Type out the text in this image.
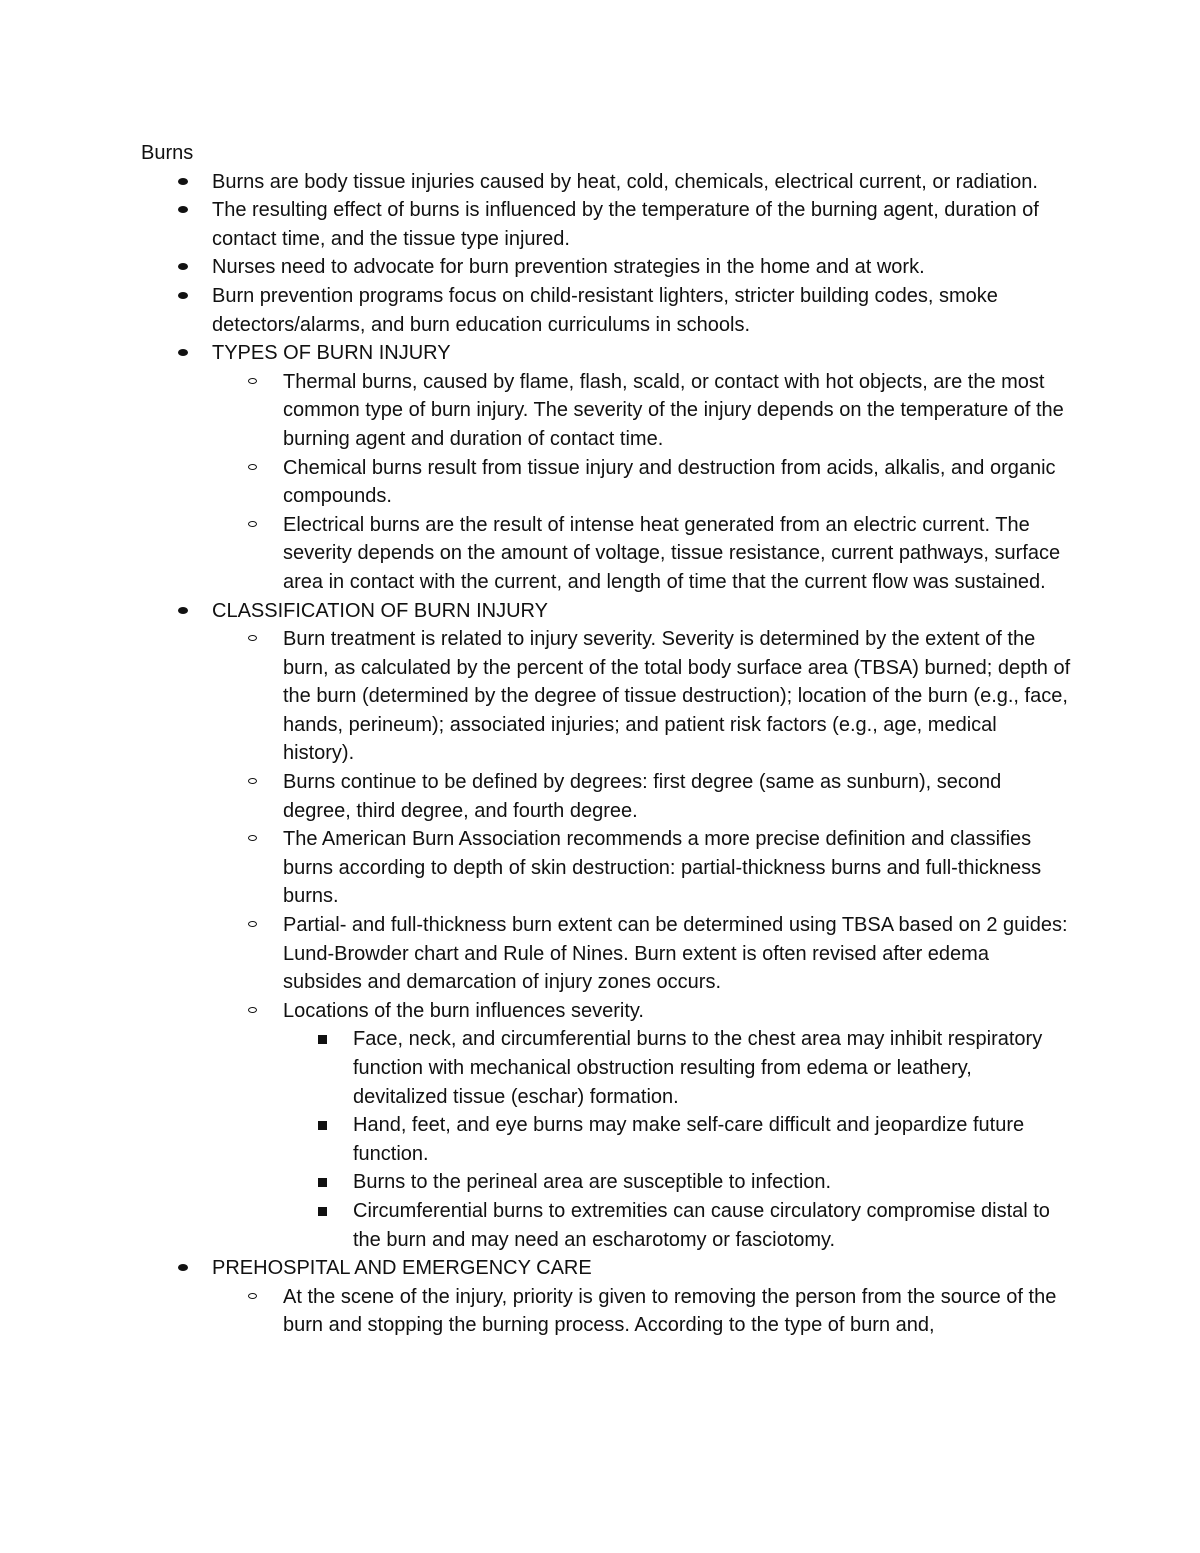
Burns
Burns are body tissue injuries caused by heat, cold, chemicals, electrical current, or radiation.
The resulting effect of burns is influenced by the temperature of the burning agent, duration of contact time, and the tissue type injured.
Nurses need to advocate for burn prevention strategies in the home and at work.
Burn prevention programs focus on child-resistant lighters, stricter building codes, smoke detectors/alarms, and burn education curriculums in schools.
TYPES OF BURN INJURY
Thermal burns, caused by flame, flash, scald, or contact with hot objects, are the most common type of burn injury. The severity of the injury depends on the temperature of the burning agent and duration of contact time.
Chemical burns result from tissue injury and destruction from acids, alkalis, and organic compounds.
Electrical burns are the result of intense heat generated from an electric current. The severity depends on the amount of voltage, tissue resistance, current pathways, surface area in contact with the current, and length of time that the current flow was sustained.
CLASSIFICATION OF BURN INJURY
Burn treatment is related to injury severity. Severity is determined by the extent of the burn, as calculated by the percent of the total body surface area (TBSA) burned; depth of the burn (determined by the degree of tissue destruction); location of the burn (e.g., face, hands, perineum); associated injuries; and patient risk factors (e.g., age, medical history).
Burns continue to be defined by degrees: first degree (same as sunburn), second degree, third degree, and fourth degree.
The American Burn Association recommends a more precise definition and classifies burns according to depth of skin destruction: partial-thickness burns and full-thickness burns.
Partial- and full-thickness burn extent can be determined using TBSA based on 2 guides: Lund-Browder chart and Rule of Nines. Burn extent is often revised after edema subsides and demarcation of injury zones occurs.
Locations of the burn influences severity.
Face, neck, and circumferential burns to the chest area may inhibit respiratory function with mechanical obstruction resulting from edema or leathery, devitalized tissue (eschar) formation.
Hand, feet, and eye burns may make self-care difficult and jeopardize future function.
Burns to the perineal area are susceptible to infection.
Circumferential burns to extremities can cause circulatory compromise distal to the burn and may need an escharotomy or fasciotomy.
PREHOSPITAL AND EMERGENCY CARE
At the scene of the injury, priority is given to removing the person from the source of the burn and stopping the burning process. According to the type of burn and,
